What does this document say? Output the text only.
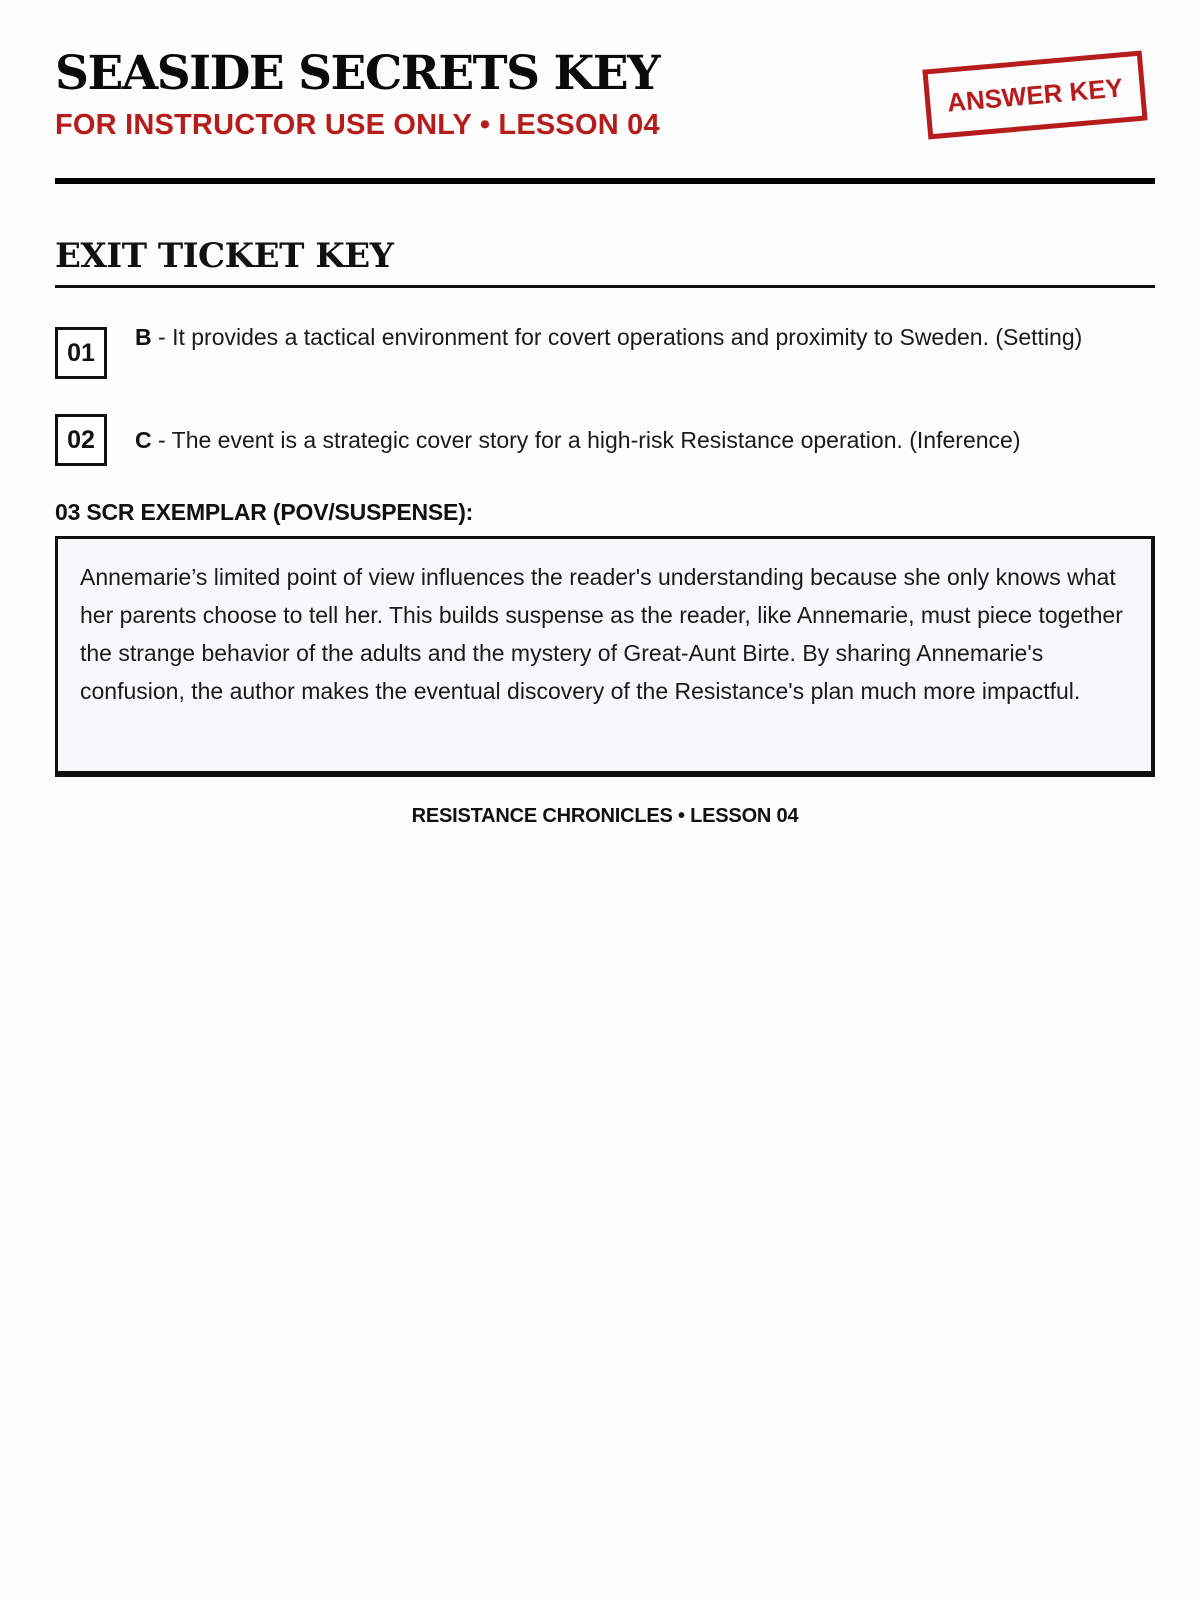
SEASIDE SECRETS KEY
FOR INSTRUCTOR USE ONLY • LESSON 04
ANSWER KEY
EXIT TICKET KEY
01
B - It provides a tactical environment for covert operations and proximity to Sweden. (Setting)
02	C - The event is a strategic cover story for a high-risk Resistance operation. (Inference)
03 SCR EXEMPLAR (POV/SUSPENSE):

Annemarie’s limited point of view influences the reader's understanding because she only knows what her parents choose to tell her. This builds suspense as the reader, like Annemarie, must piece together the strange behavior of the adults and the mystery of Great-Aunt Birte. By sharing Annemarie's confusion, the author makes the eventual discovery of the Resistance's plan much more impactful.

RESISTANCE CHRONICLES • LESSON 04
